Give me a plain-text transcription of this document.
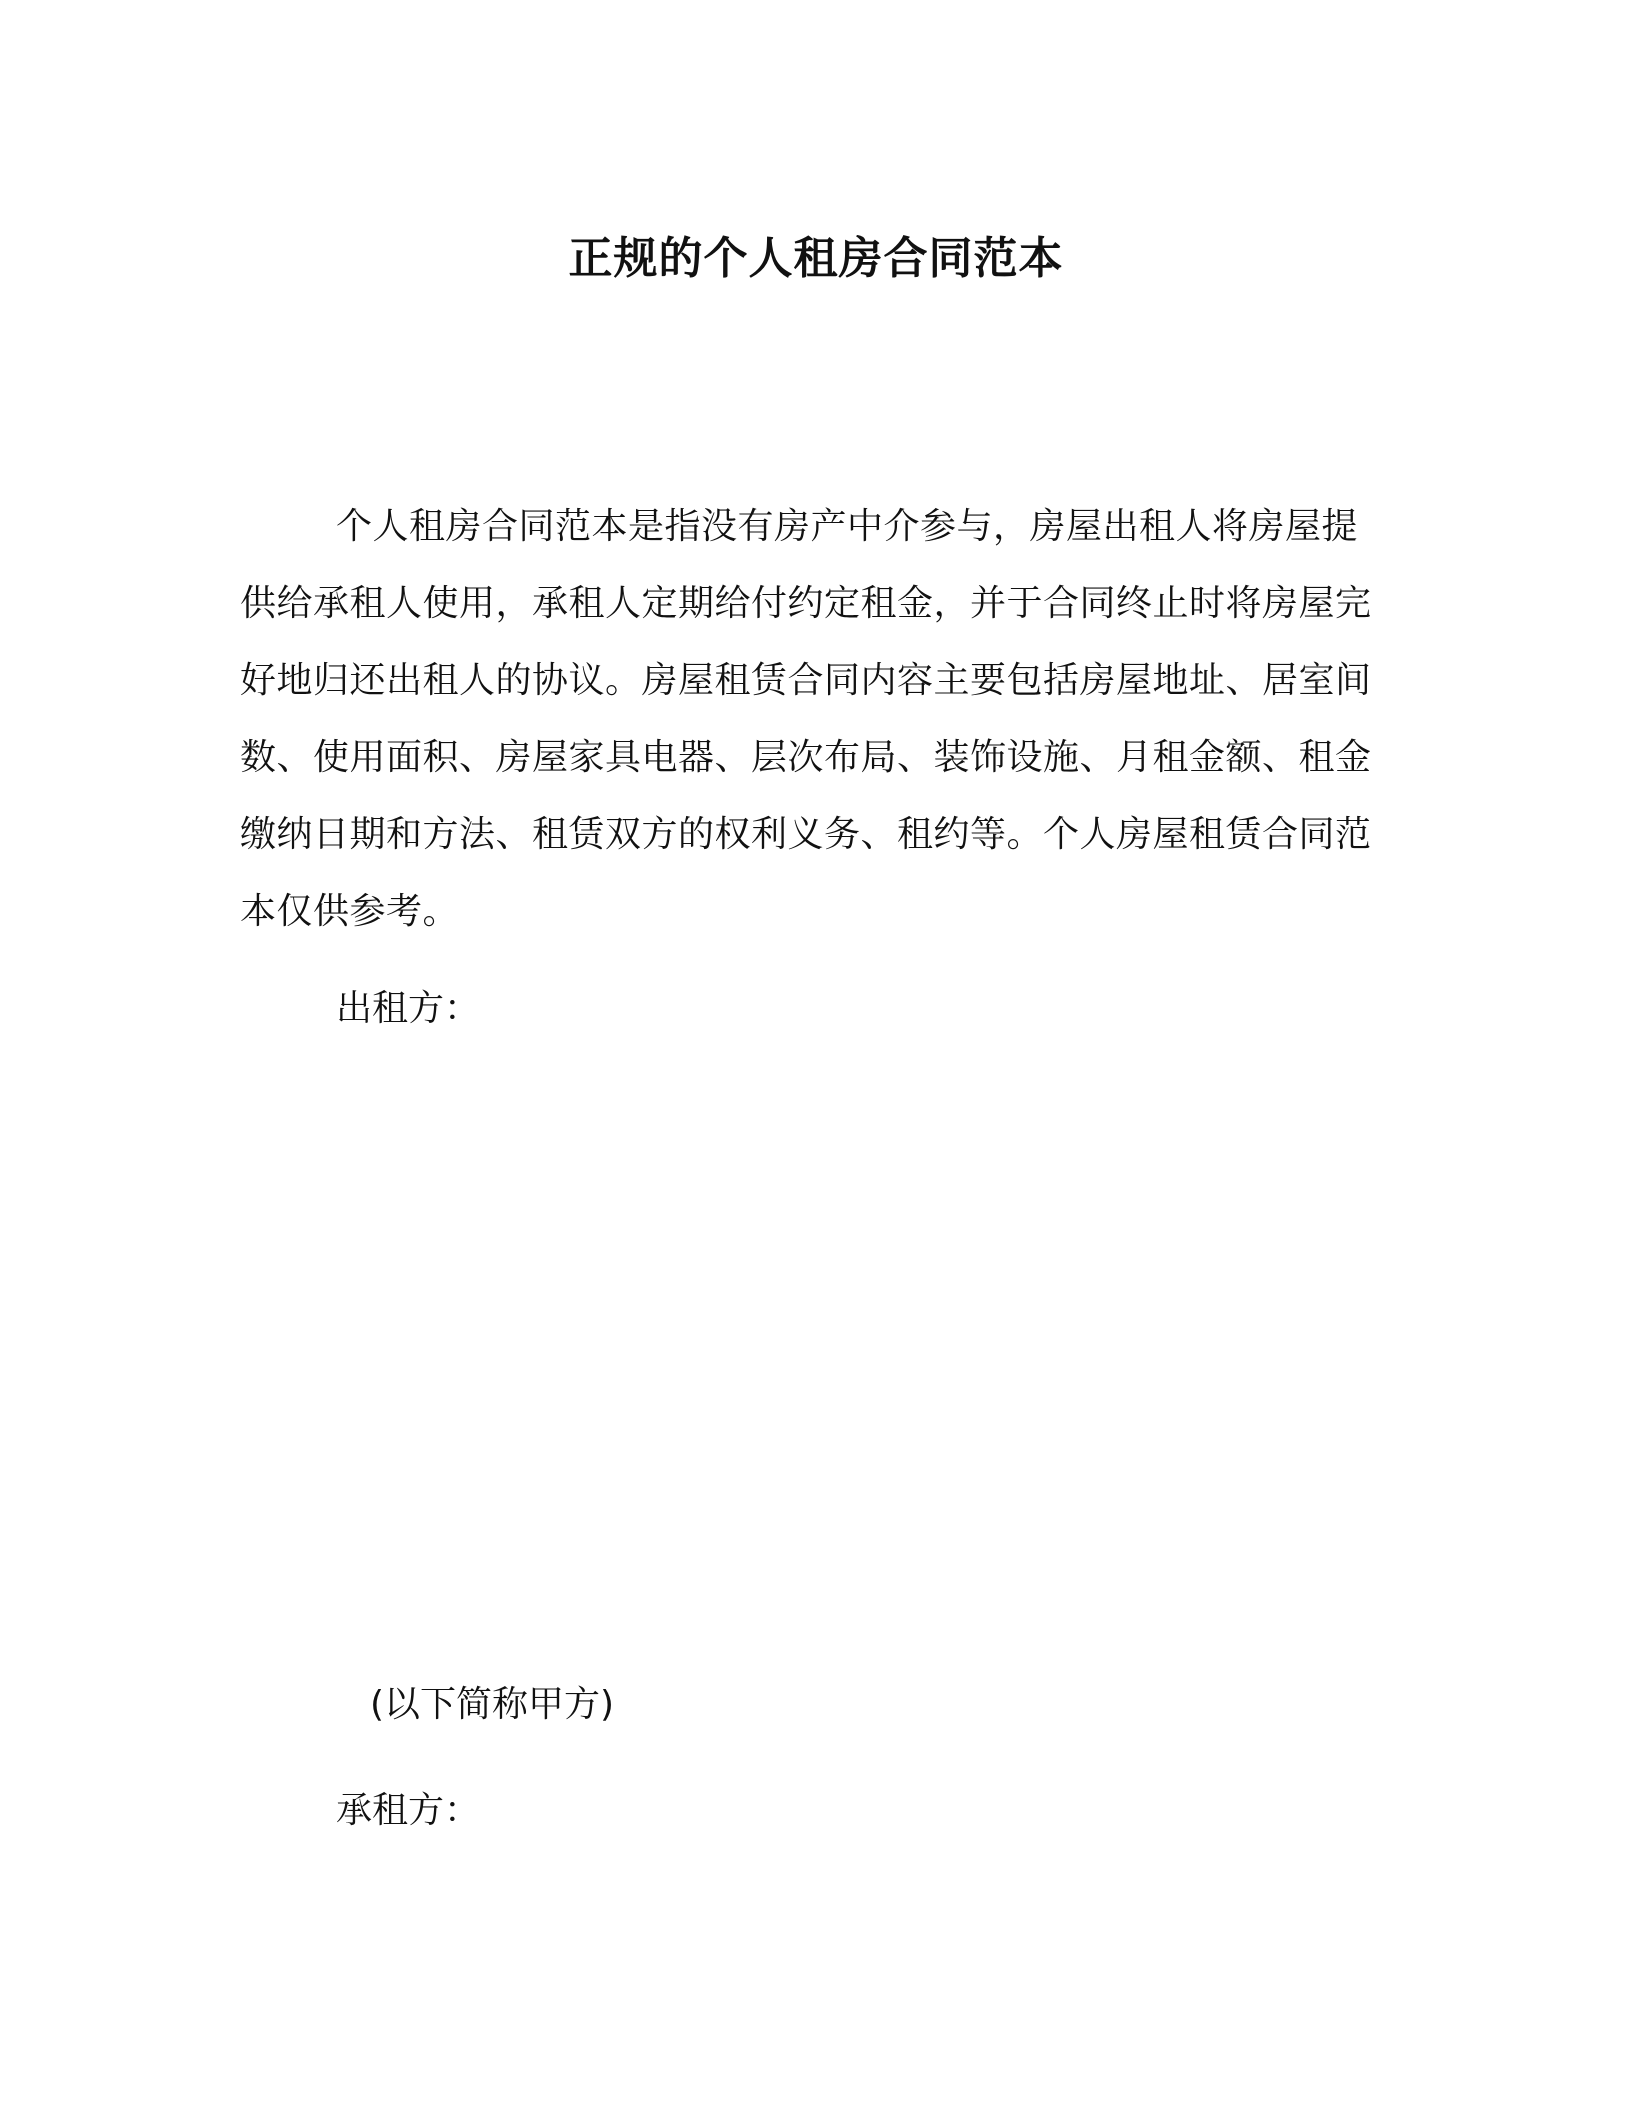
正规的个人租房合同范本

个人租房合同范本是指没有房产中介参与，房屋出租人将房屋提供给承租人使用，承租人定期给付约定租金，并于合同终止时将房屋完好地归还出租人的协议。房屋租赁合同内容主要包括房屋地址、居室间数、使用面积、房屋家具电器、层次布局、装饰设施、月租金额、租金缴纳日期和方法、租赁双方的权利义务、租约等。个人房屋租赁合同范本仅供参考。

出租方：

(以下简称甲方)

承租方：
